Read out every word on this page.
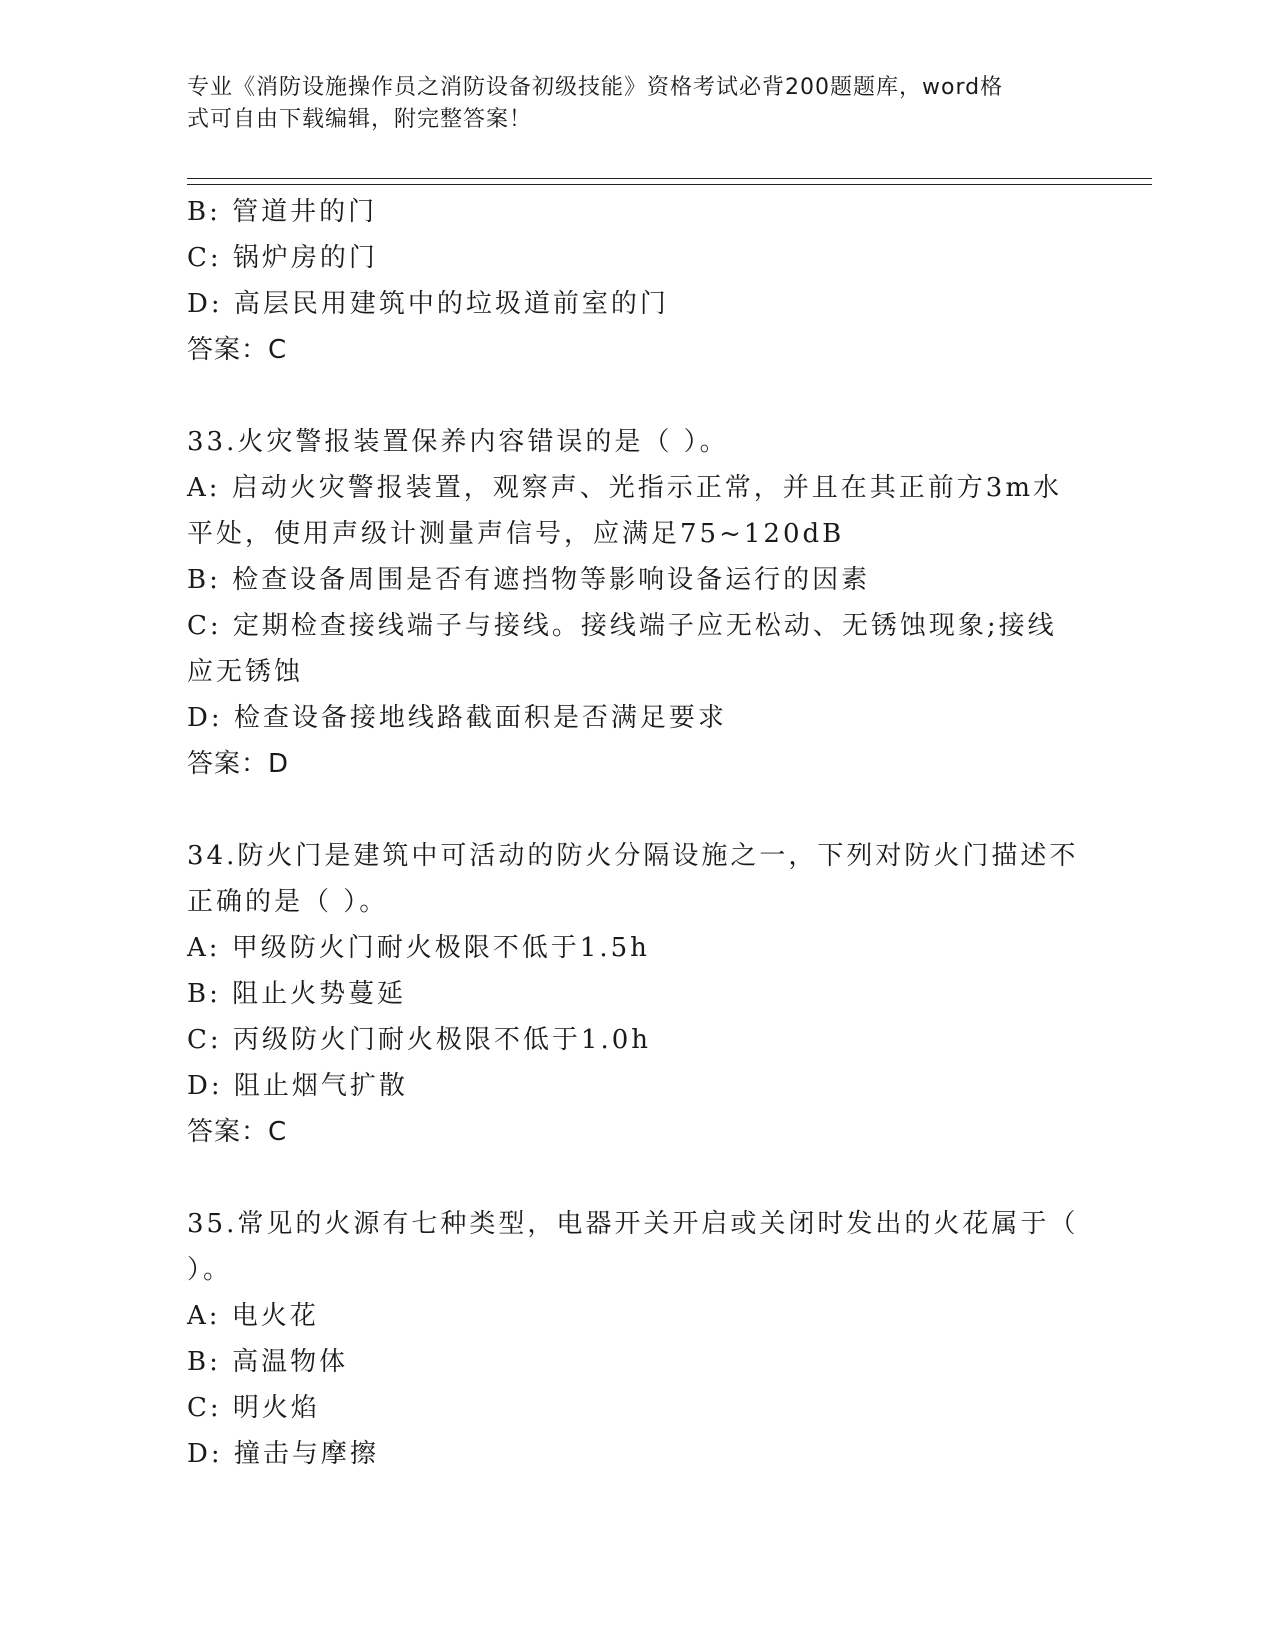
专业《消防设施操作员之消防设备初级技能》资格考试必背200题题库，word格
式可自由下载编辑，附完整答案！
B: 管道井的门
C: 锅炉房的门
D: 高层民用建筑中的垃圾道前室的门
答案：C
33.火灾警报装置保养内容错误的是（ ）。
A: 启动火灾警报装置，观察声、光指示正常，并且在其正前方3m水
平处，使用声级计测量声信号，应满足75~120dB
B: 检查设备周围是否有遮挡物等影响设备运行的因素
C: 定期检查接线端子与接线。接线端子应无松动、无锈蚀现象;接线
应无锈蚀
D: 检查设备接地线路截面积是否满足要求
答案：D
34.防火门是建筑中可活动的防火分隔设施之一，下列对防火门描述不
正确的是（ ）。
A: 甲级防火门耐火极限不低于1.5h
B: 阻止火势蔓延
C: 丙级防火门耐火极限不低于1.0h
D: 阻止烟气扩散
答案：C
35.常见的火源有七种类型，电器开关开启或关闭时发出的火花属于（
）。
A: 电火花
B: 高温物体
C: 明火焰
D: 撞击与摩擦
